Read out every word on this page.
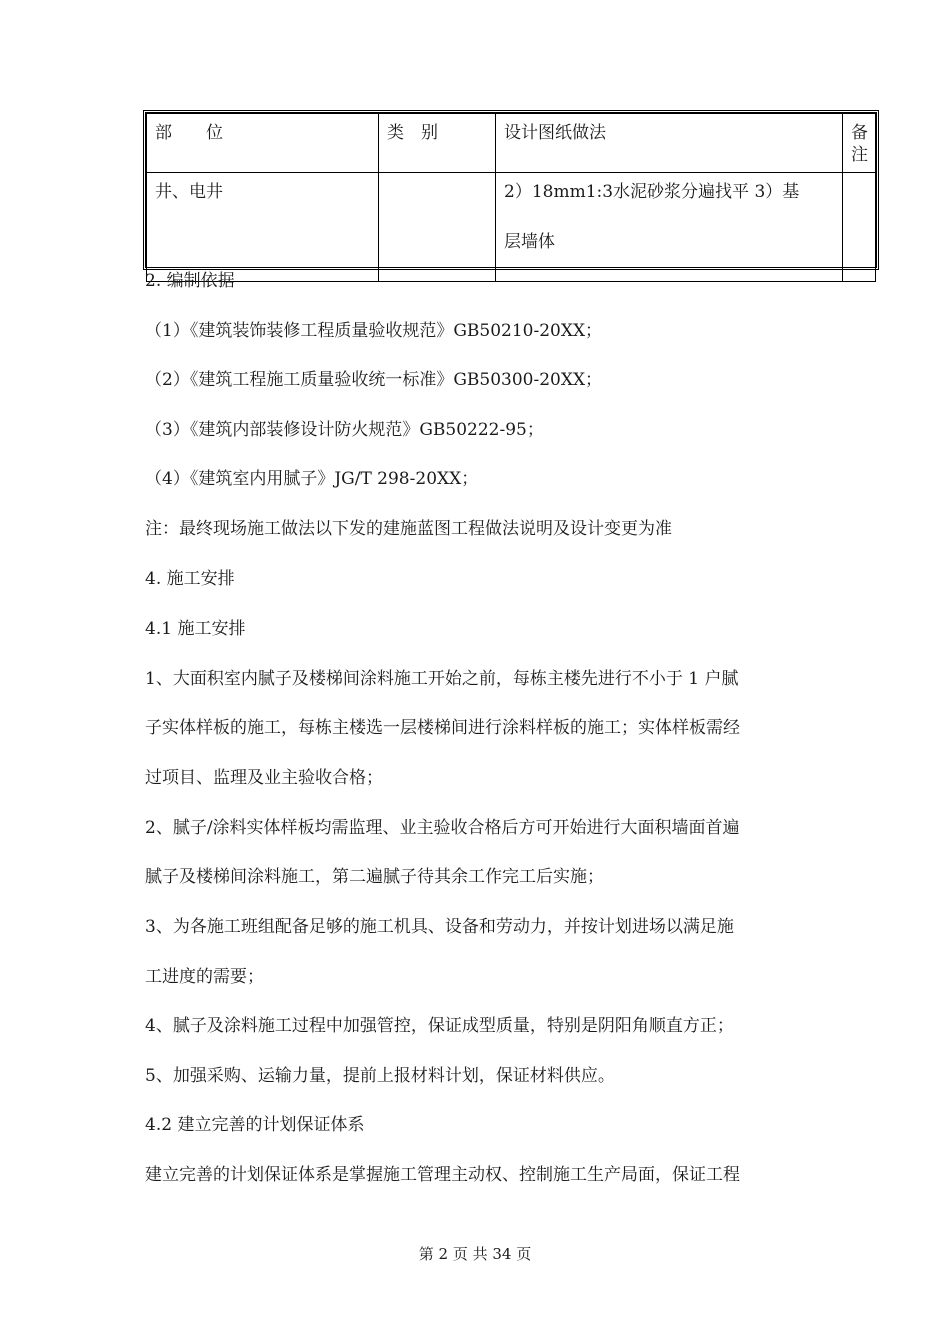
部　　位	类　别	设计图纸做法	备　注
井、电井		2）18mm1:3水泥砂浆分遍找平 3）基
层墙体	

2. 编制依据
（1）《建筑装饰装修工程质量验收规范》GB50210-20XX；
（2）《建筑工程施工质量验收统一标准》GB50300-20XX；
（3）《建筑内部装修设计防火规范》GB50222-95；
（4）《建筑室内用腻子》JG/T 298-20XX；
注：最终现场施工做法以下发的建施蓝图工程做法说明及设计变更为准
4. 施工安排
4.1 施工安排
1、大面积室内腻子及楼梯间涂料施工开始之前，每栋主楼先进行不小于 1 户腻
子实体样板的施工，每栋主楼选一层楼梯间进行涂料样板的施工；实体样板需经
过项目、监理及业主验收合格；
2、腻子/涂料实体样板均需监理、业主验收合格后方可开始进行大面积墙面首遍
腻子及楼梯间涂料施工，第二遍腻子待其余工作完工后实施；
3、为各施工班组配备足够的施工机具、设备和劳动力，并按计划进场以满足施
工进度的需要；
4、腻子及涂料施工过程中加强管控，保证成型质量，特别是阴阳角顺直方正；
5、加强采购、运输力量，提前上报材料计划，保证材料供应。
4.2 建立完善的计划保证体系
建立完善的计划保证体系是掌握施工管理主动权、控制施工生产局面，保证工程
第 2 页 共 34 页
